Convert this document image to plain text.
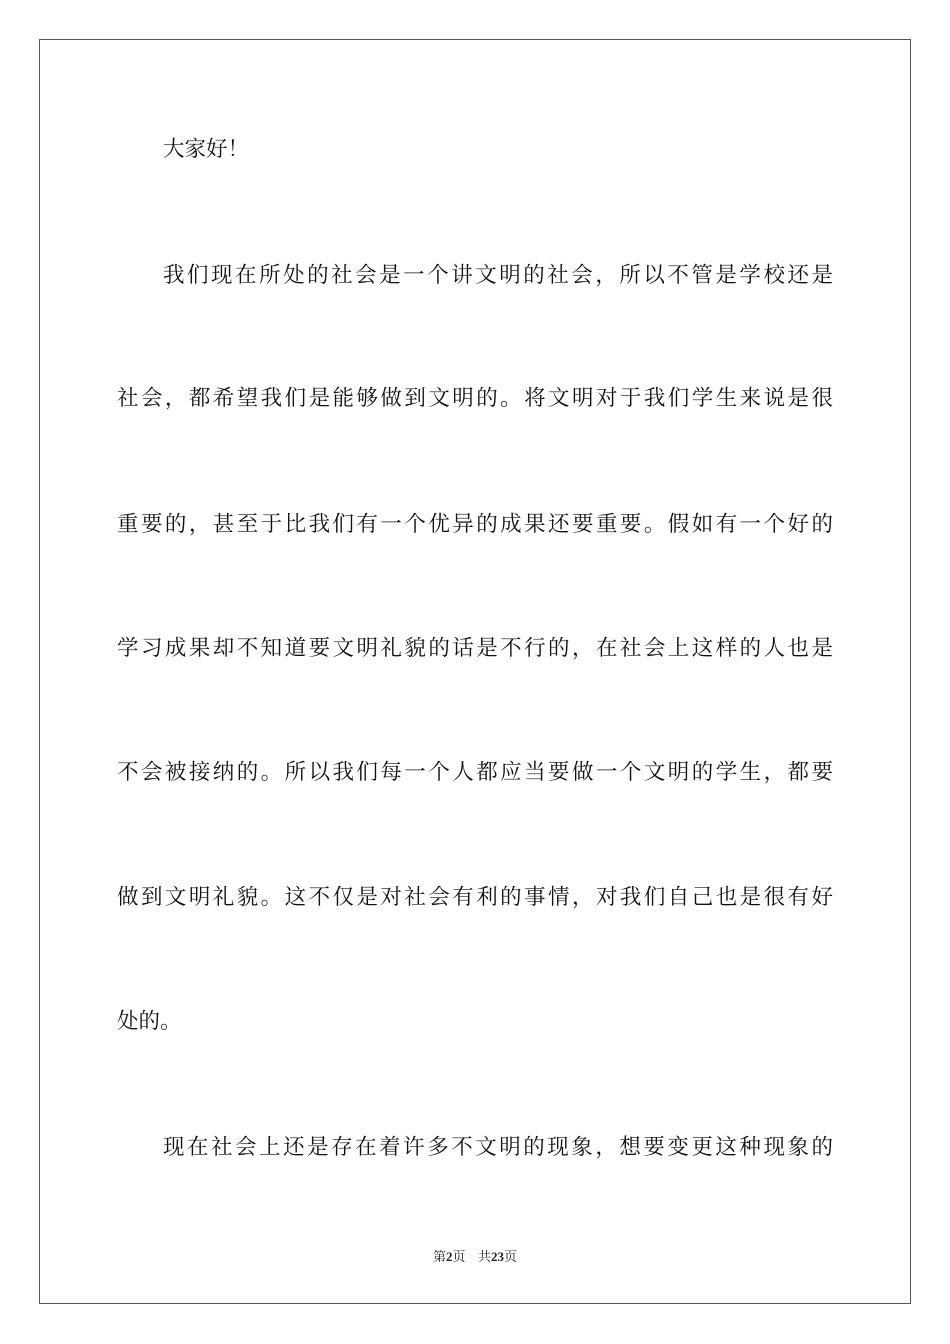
大家好！
我们现在所处的社会是一个讲文明的社会，所以不管是学校还是
社会，都希望我们是能够做到文明的。将文明对于我们学生来说是很
重要的，甚至于比我们有一个优异的成果还要重要。假如有一个好的
学习成果却不知道要文明礼貌的话是不行的，在社会上这样的人也是
不会被接纳的。所以我们每一个人都应当要做一个文明的学生，都要
做到文明礼貌。这不仅是对社会有利的事情，对我们自己也是很有好
处的。
现在社会上还是存在着许多不文明的现象，想要变更这种现象的
第2页 共23页
